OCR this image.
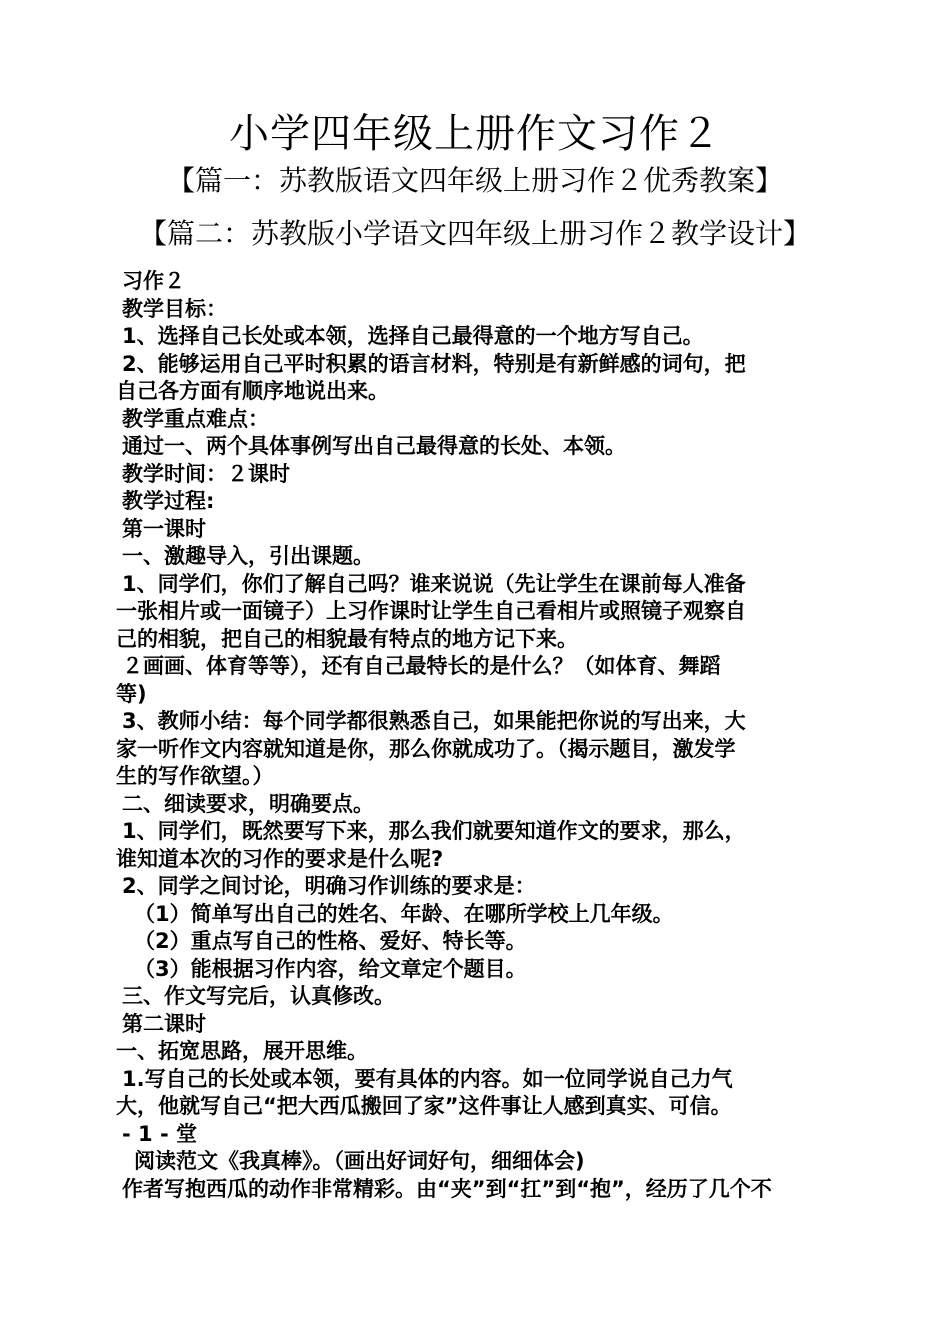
小学四年级上册作文习作２
【篇一：苏教版语文四年级上册习作２优秀教案】
【篇二：苏教版小学语文四年级上册习作２教学设计】
习作２
教学目标：
1、选择自己长处或本领，选择自己最得意的一个地方写自己。
2、能够运用自己平时积累的语言材料，特别是有新鲜感的词句，把
自己各方面有顺序地说出来。
教学重点难点：
通过一、两个具体事例写出自己最得意的长处、本领。
教学时间：２课时
教学过程:
第一课时
一、激趣导入，引出课题。
1、同学们，你们了解自己吗？谁来说说（先让学生在课前每人准备
一张相片或一面镜子）上习作课时让学生自己看相片或照镜子观察自
己的相貌，把自己的相貌最有特点的地方记下来。
２画画、体育等等），还有自己最特长的是什么？（如体育、舞蹈
等)
3、教师小结：每个同学都很熟悉自己，如果能把你说的写出来，大
家一听作文内容就知道是你，那么你就成功了。（揭示题目，激发学
生的写作欲望。）
二、细读要求，明确要点。
1、同学们，既然要写下来，那么我们就要知道作文的要求，那么，
谁知道本次的习作的要求是什么呢?
2、同学之间讨论，明确习作训练的要求是：
（1）简单写出自己的姓名、年龄、在哪所学校上几年级。
（2）重点写自己的性格、爱好、特长等。
（3）能根据习作内容，给文章定个题目。
三、作文写完后，认真修改。
第二课时
一、拓宽思路，展开思维。
1.写自己的长处或本领，要有具体的内容。如一位同学说自己力气
大，他就写自己“把大西瓜搬回了家”这件事让人感到真实、可信。
- 1 - 堂
阅读范文《我真棒》。（画出好词好句，细细体会)
作者写抱西瓜的动作非常精彩。由“夹”到“扛”到“抱”，经历了几个不
